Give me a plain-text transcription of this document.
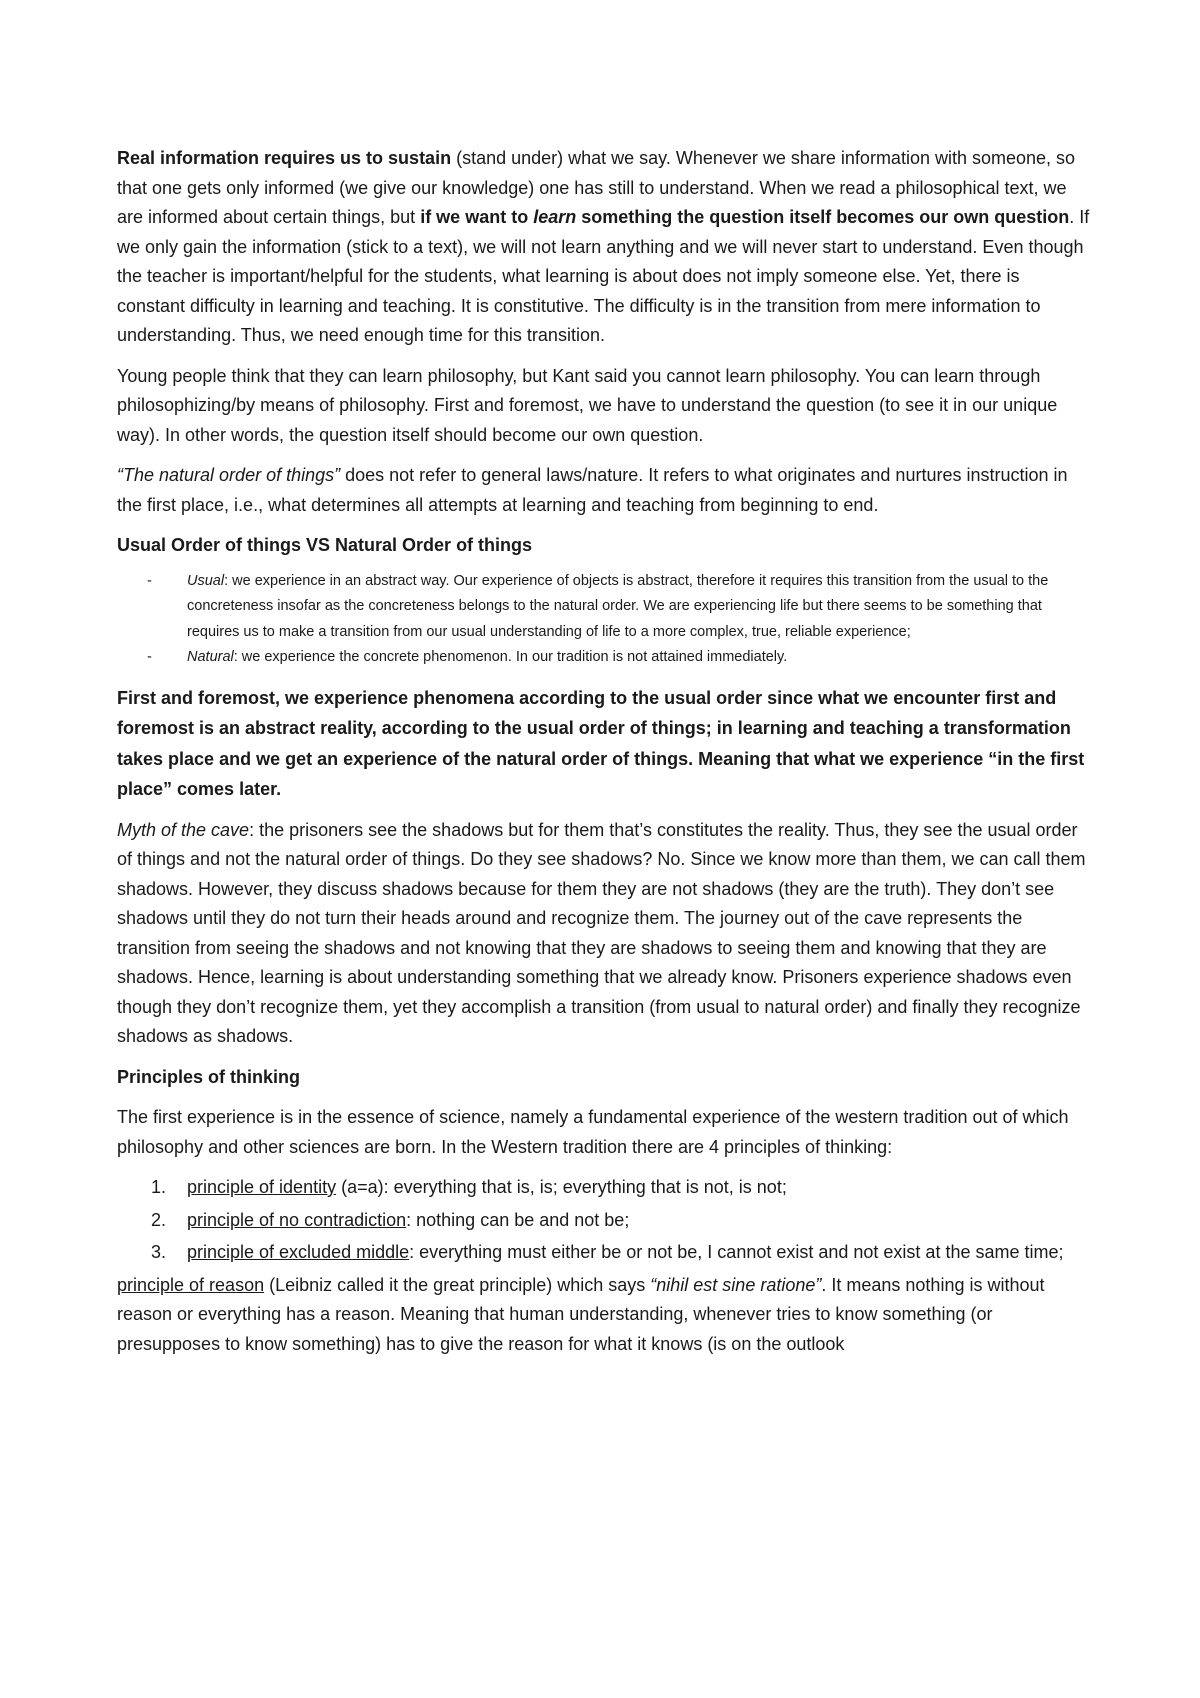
Real information requires us to sustain (stand under) what we say. Whenever we share information with someone, so that one gets only informed (we give our knowledge) one has still to understand. When we read a philosophical text, we are informed about certain things, but if we want to learn something the question itself becomes our own question. If we only gain the information (stick to a text), we will not learn anything and we will never start to understand. Even though the teacher is important/helpful for the students, what learning is about does not imply someone else. Yet, there is constant difficulty in learning and teaching. It is constitutive. The difficulty is in the transition from mere information to understanding. Thus, we need enough time for this transition.

Young people think that they can learn philosophy, but Kant said you cannot learn philosophy. You can learn through philosophizing/by means of philosophy. First and foremost, we have to understand the question (to see it in our unique way). In other words, the question itself should become our own question.

“The natural order of things” does not refer to general laws/nature. It refers to what originates and nurtures instruction in the first place, i.e., what determines all attempts at learning and teaching from beginning to end.

Usual Order of things VS Natural Order of things

- Usual: we experience in an abstract way. Our experience of objects is abstract, therefore it requires this transition from the usual to the concreteness insofar as the concreteness belongs to the natural order. We are experiencing life but there seems to be something that requires us to make a transition from our usual understanding of life to a more complex, true, reliable experience;
- Natural: we experience the concrete phenomenon. In our tradition is not attained immediately.

First and foremost, we experience phenomena according to the usual order since what we encounter first and foremost is an abstract reality, according to the usual order of things; in learning and teaching a transformation takes place and we get an experience of the natural order of things. Meaning that what we experience “in the first place” comes later.

Myth of the cave: the prisoners see the shadows but for them that’s constitutes the reality. Thus, they see the usual order of things and not the natural order of things. Do they see shadows? No. Since we know more than them, we can call them shadows. However, they discuss shadows because for them they are not shadows (they are the truth). They don’t see shadows until they do not turn their heads around and recognize them. The journey out of the cave represents the transition from seeing the shadows and not knowing that they are shadows to seeing them and knowing that they are shadows. Hence, learning is about understanding something that we already know. Prisoners experience shadows even though they don’t recognize them, yet they accomplish a transition (from usual to natural order) and finally they recognize shadows as shadows.

Principles of thinking

The first experience is in the essence of science, namely a fundamental experience of the western tradition out of which philosophy and other sciences are born. In the Western tradition there are 4 principles of thinking:

1. principle of identity (a=a): everything that is, is; everything that is not, is not;
2. principle of no contradiction: nothing can be and not be;
3. principle of excluded middle: everything must either be or not be, I cannot exist and not exist at the same time;

principle of reason (Leibniz called it the great principle) which says “nihil est sine ratione”. It means nothing is without reason or everything has a reason. Meaning that human understanding, whenever tries to know something (or presupposes to know something) has to give the reason for what it knows (is on the outlook
